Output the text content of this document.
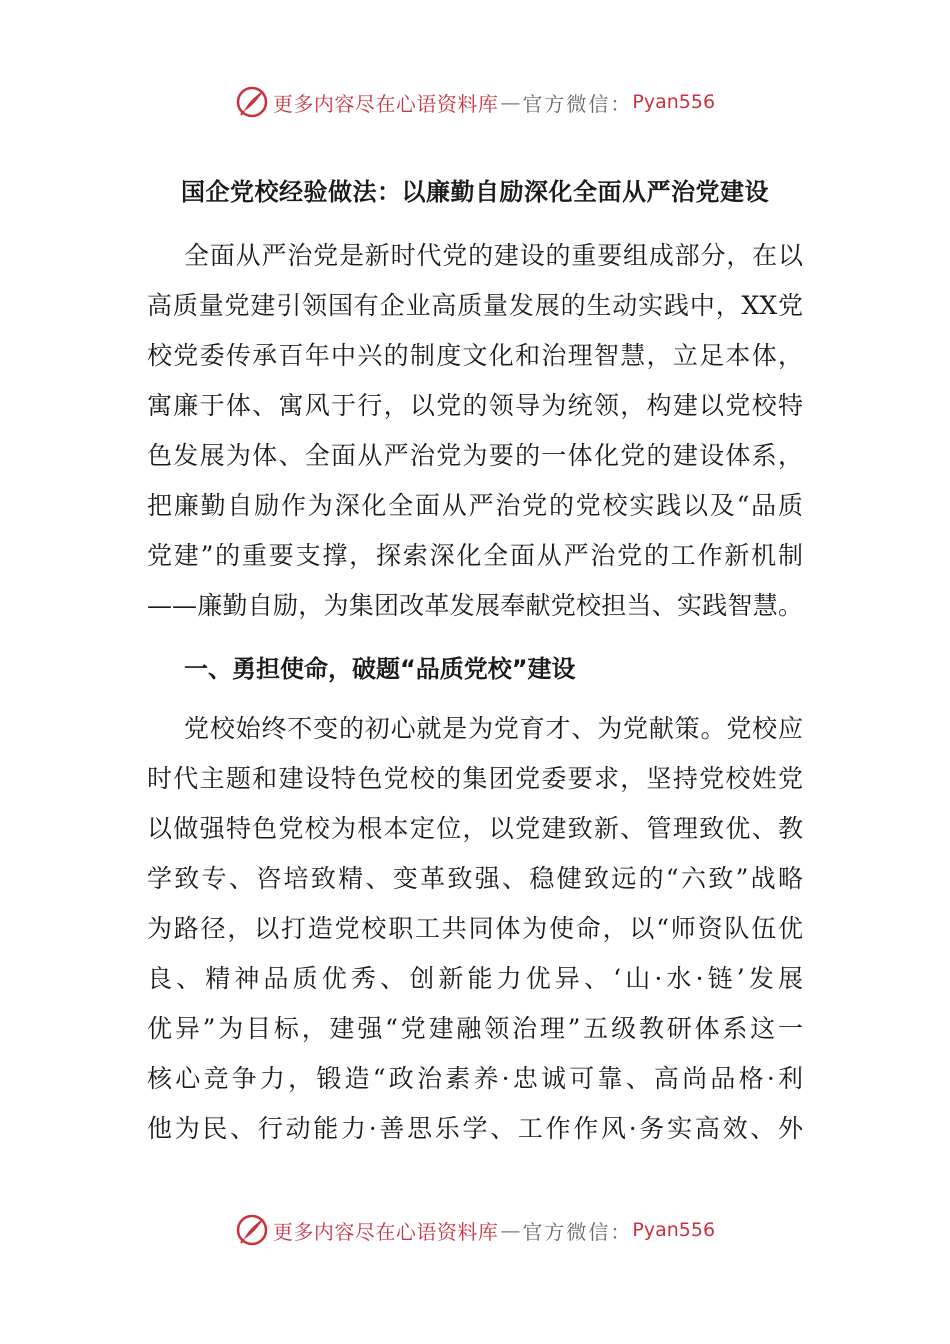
更多内容尽在心语资料库 — 官方微信： Pyan556
国企党校经验做法：以廉勤自励深化全面从严治党建设
全面从严治党是新时代党的建设的重要组成部分，在以
高质量党建引领国有企业高质量发展的生动实践中，XX党
校党委传承百年中兴的制度文化和治理智慧，立足本体，
寓廉于体、寓风于行，以党的领导为统领，构建以党校特
色发展为体、全面从严治党为要的一体化党的建设体系，
把廉勤自励作为深化全面从严治党的党校实践以及“品质
党建”的重要支撑，探索深化全面从严治党的工作新机制
——廉勤自励，为集团改革发展奉献党校担当、实践智慧。
一、勇担使命，破题“品质党校”建设
党校始终不变的初心就是为党育才、为党献策。党校应
时代主题和建设特色党校的集团党委要求，坚持党校姓党
以做强特色党校为根本定位，以党建致新、管理致优、教
学致专、咨培致精、变革致强、稳健致远的“六致”战略
为路径，以打造党校职工共同体为使命，以“师资队伍优
良、精神品质优秀、创新能力优异、‘山·水·链’发展
优异”为目标，建强“党建融领治理”五级教研体系这一
核心竞争力，锻造“政治素养·忠诚可靠、高尚品格·利
他为民、行动能力·善思乐学、工作作风·务实高效、外
更多内容尽在心语资料库 — 官方微信： Pyan556
